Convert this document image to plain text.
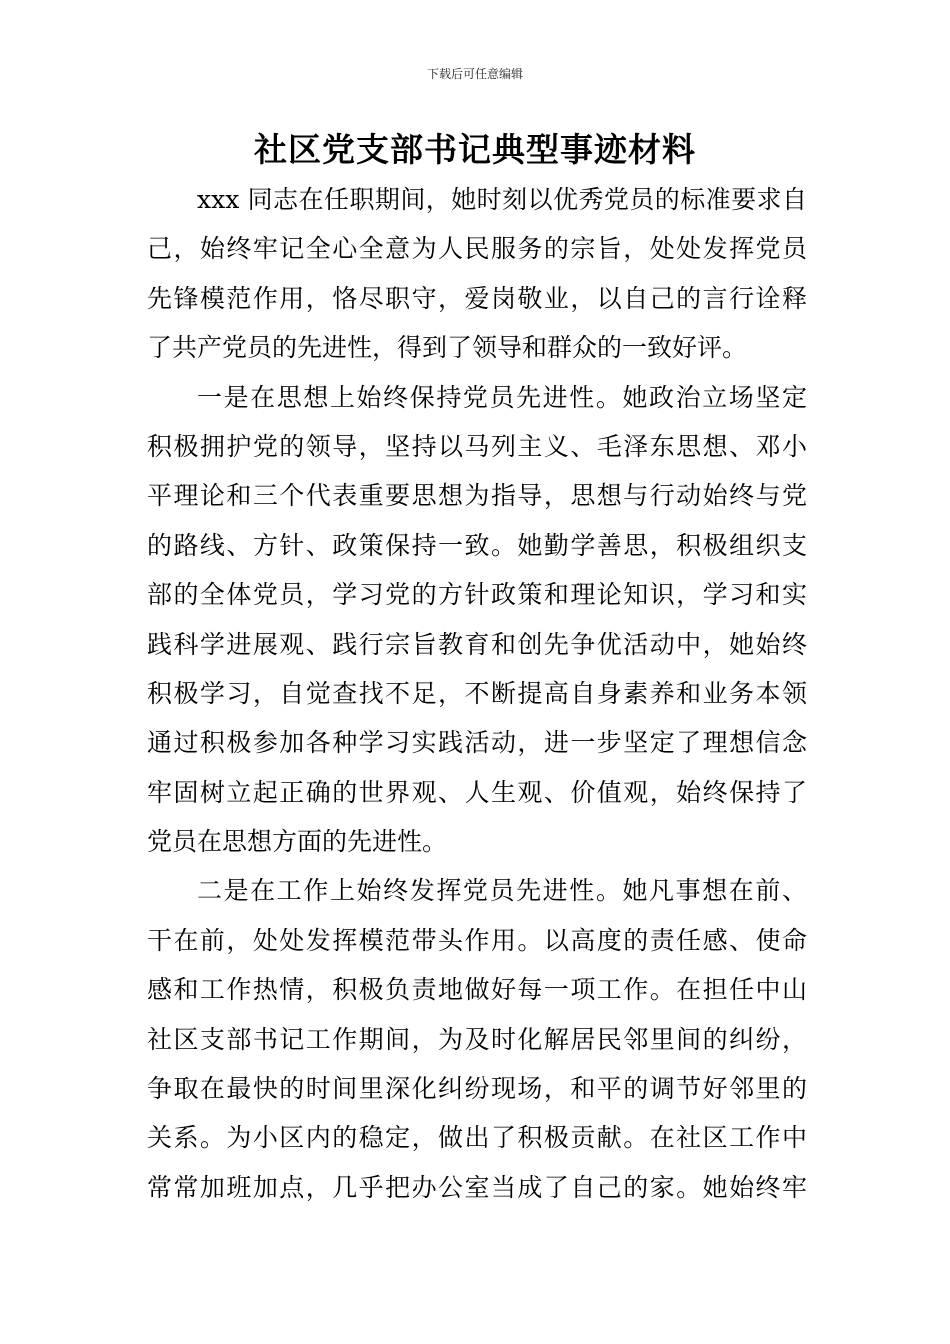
下载后可任意编辑
社区党支部书记典型事迹材料
xxx 同志在任职期间，她时刻以优秀党员的标准要求自
己，始终牢记全心全意为人民服务的宗旨，处处发挥党员
先锋模范作用，恪尽职守，爱岗敬业，以自己的言行诠释
了共产党员的先进性，得到了领导和群众的一致好评。
一是在思想上始终保持党员先进性。她政治立场坚定
积极拥护党的领导，坚持以马列主义、毛泽东思想、邓小
平理论和三个代表重要思想为指导，思想与行动始终与党
的路线、方针、政策保持一致。她勤学善思，积极组织支
部的全体党员，学习党的方针政策和理论知识，学习和实
践科学进展观、践行宗旨教育和创先争优活动中，她始终
积极学习，自觉查找不足，不断提高自身素养和业务本领
通过积极参加各种学习实践活动，进一步坚定了理想信念
牢固树立起正确的世界观、人生观、价值观，始终保持了
党员在思想方面的先进性。
二是在工作上始终发挥党员先进性。她凡事想在前、
干在前，处处发挥模范带头作用。以高度的责任感、使命
感和工作热情，积极负责地做好每一项工作。在担任中山
社区支部书记工作期间，为及时化解居民邻里间的纠纷，
争取在最快的时间里深化纠纷现场，和平的调节好邻里的
关系。为小区内的稳定，做出了积极贡献。在社区工作中
常常加班加点，几乎把办公室当成了自己的家。她始终牢
